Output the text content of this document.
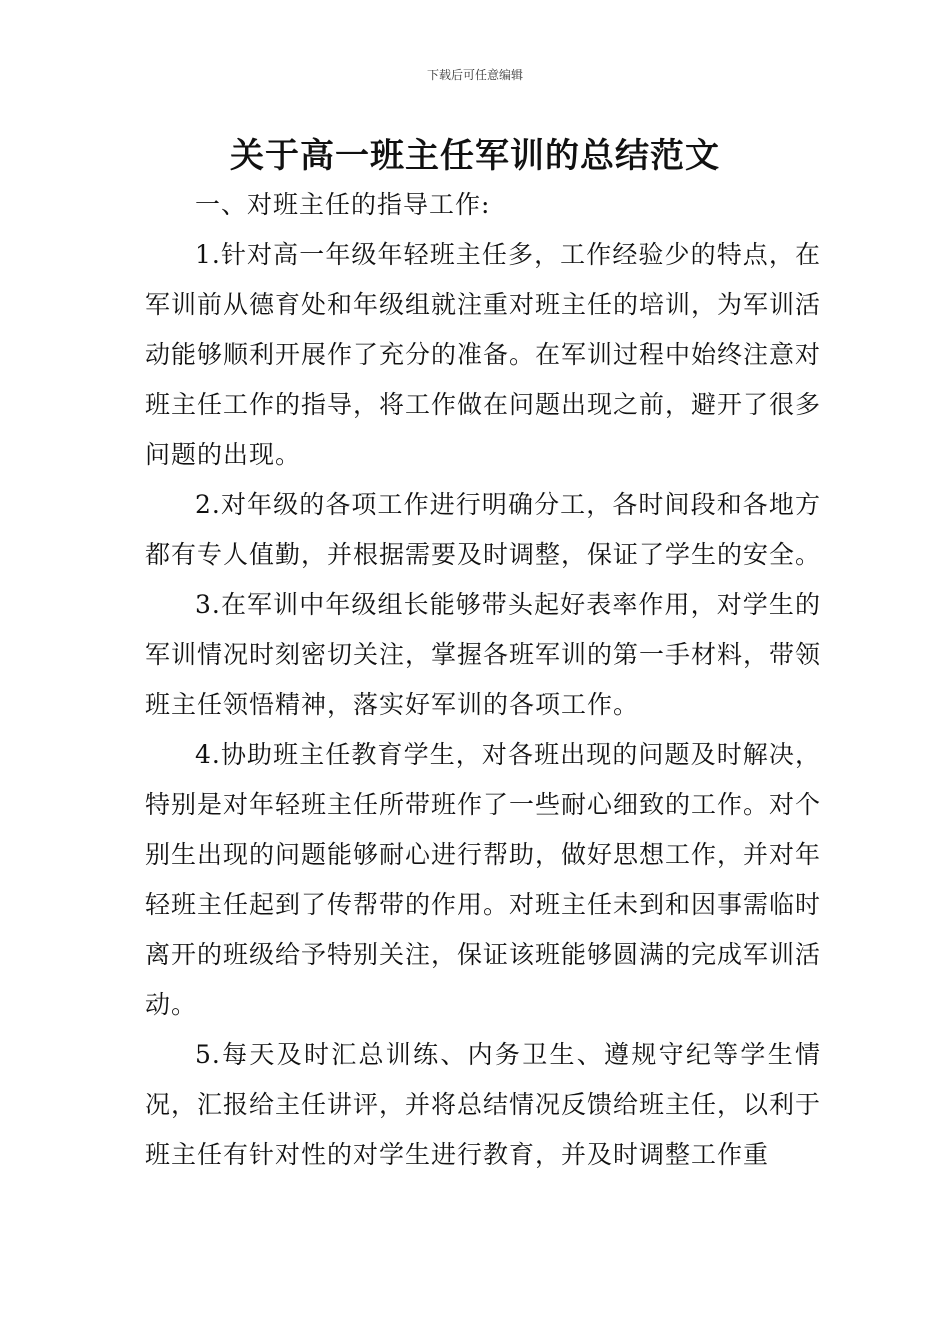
下载后可任意编辑
关于高一班主任军训的总结范文

一、对班主任的指导工作:

1.针对高一年级年轻班主任多，工作经验少的特点，在军训前从德育处和年级组就注重对班主任的培训，为军训活动能够顺利开展作了充分的准备。在军训过程中始终注意对班主任工作的指导，将工作做在问题出现之前，避开了很多问题的出现。

2.对年级的各项工作进行明确分工，各时间段和各地方都有专人值勤，并根据需要及时调整，保证了学生的安全。

3.在军训中年级组长能够带头起好表率作用，对学生的军训情况时刻密切关注，掌握各班军训的第一手材料，带领班主任领悟精神，落实好军训的各项工作。

4.协助班主任教育学生，对各班出现的问题及时解决，特别是对年轻班主任所带班作了一些耐心细致的工作。对个别生出现的问题能够耐心进行帮助，做好思想工作，并对年轻班主任起到了传帮带的作用。对班主任未到和因事需临时离开的班级给予特别关注，保证该班能够圆满的完成军训活动。

5.每天及时汇总训练、内务卫生、遵规守纪等学生情况，汇报给主任讲评，并将总结情况反馈给班主任，以利于班主任有针对性的对学生进行教育，并及时调整工作重
